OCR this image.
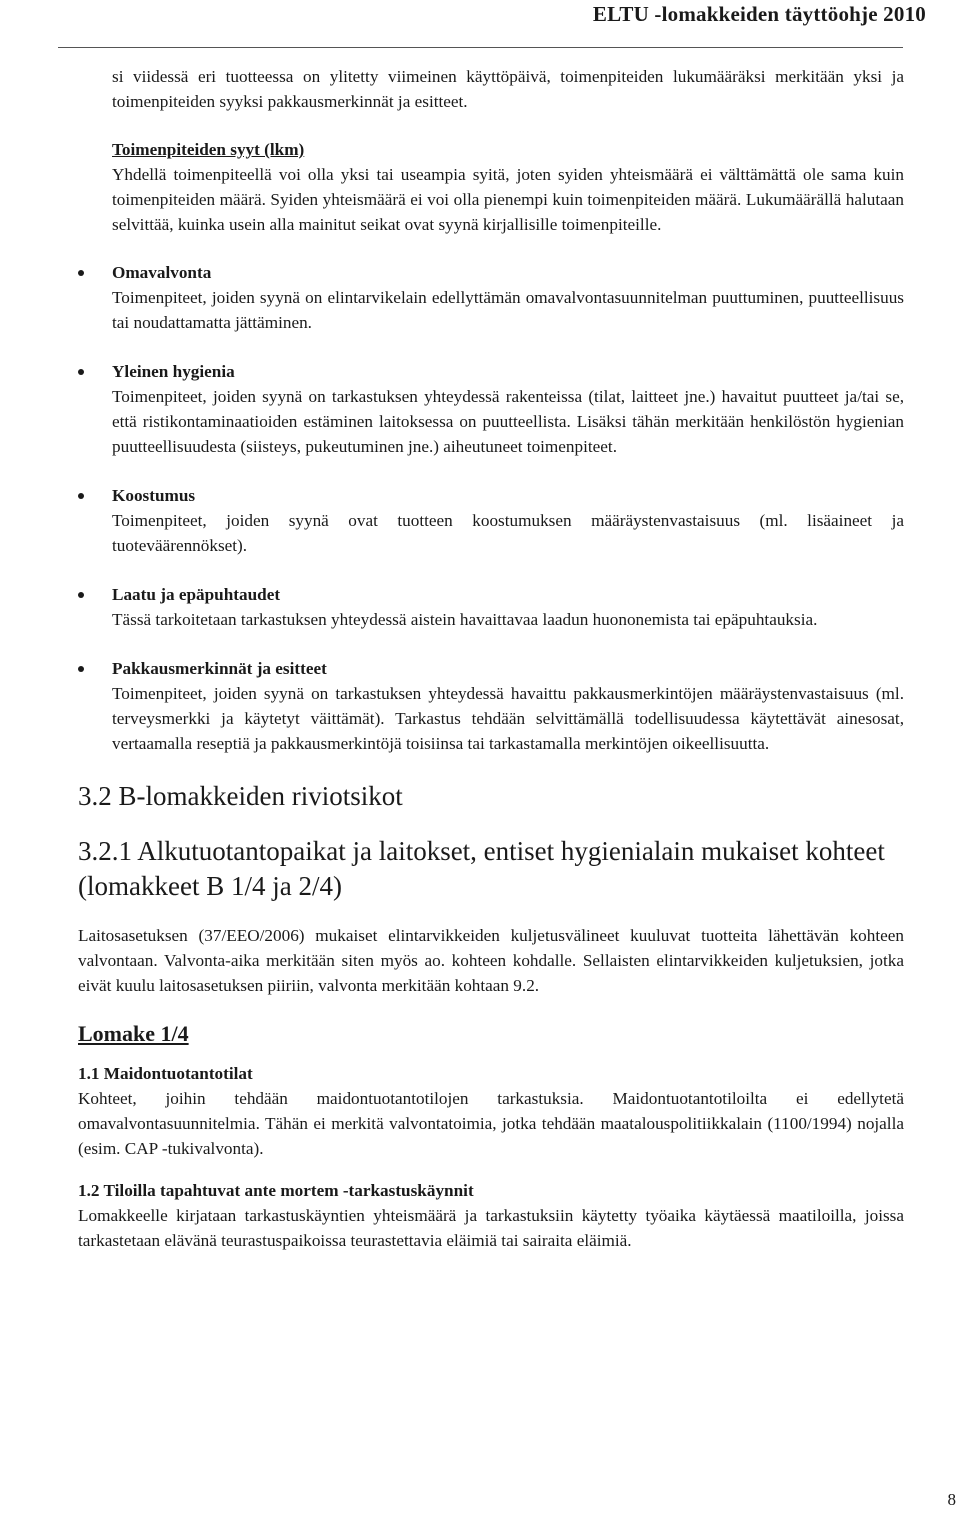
ELTU -lomakkeiden täyttöohje 2010

si viidessä eri tuotteessa on ylitetty viimeinen käyttöpäivä, toimenpiteiden lukumääräksi merkitään yksi ja toimenpiteiden syyksi pakkausmerkinnät ja esitteet.

Toimenpiteiden syyt (lkm)

Yhdellä toimenpiteellä voi olla yksi tai useampia syitä, joten syiden yhteismäärä ei välttämättä ole sama kuin toimenpiteiden määrä. Syiden yhteismäärä ei voi olla pienempi kuin toimenpiteiden määrä. Lukumäärällä halutaan selvittää, kuinka usein alla mainitut seikat ovat syynä kirjallisille toimenpiteille.

Omavalvonta

Toimenpiteet, joiden syynä on elintarvikelain edellyttämän omavalvontasuunnitelman puuttuminen, puutteellisuus tai noudattamatta jättäminen.

Yleinen hygienia

Toimenpiteet, joiden syynä on tarkastuksen yhteydessä rakenteissa (tilat, laitteet jne.) havaitut puutteet ja/tai se, että ristikontaminaatioiden estäminen laitoksessa on puutteellista. Lisäksi tähän merkitään henkilöstön hygienian puutteellisuudesta (siisteys, pukeutuminen jne.) aiheutuneet toimenpiteet.

Koostumus

Toimenpiteet, joiden syynä ovat tuotteen koostumuksen määräystenvastaisuus (ml. lisäaineet ja tuoteväärennökset).

Laatu ja epäpuhtaudet

Tässä tarkoitetaan tarkastuksen yhteydessä aistein havaittavaa laadun huononemista tai epäpuhtauksia.

Pakkausmerkinnät ja esitteet

Toimenpiteet, joiden syynä on tarkastuksen yhteydessä havaittu pakkausmerkintöjen määräystenvastaisuus (ml. terveysmerkki ja käytetyt väittämät). Tarkastus tehdään selvittämällä todellisuudessa käytettävät ainesosat, vertaamalla reseptiä ja pakkausmerkintöjä toisiinsa tai tarkastamalla merkintöjen oikeellisuutta.

3.2 B-lomakkeiden riviotsikot
3.2.1 Alkutuotantopaikat ja laitokset, entiset hygienialain mukaiset kohteet (lomakkeet B 1/4 ja 2/4)

Laitosasetuksen (37/EEO/2006) mukaiset elintarvikkeiden kuljetusvälineet kuuluvat tuotteita lähettävän kohteen valvontaan. Valvonta-aika merkitään siten myös ao. kohteen kohdalle. Sellaisten elintarvikkeiden kuljetuksien, jotka eivät kuulu laitosasetuksen piiriin, valvonta merkitään kohtaan 9.2.

Lomake 1/4
1.1 Maidontuotantotilat

Kohteet, joihin tehdään maidontuotantotilojen tarkastuksia. Maidontuotantotiloilta ei edellytetä omavalvontasuunnitelmia. Tähän ei merkitä valvontatoimia, jotka tehdään maatalouspolitiikkalain (1100/1994) nojalla (esim. CAP -tukivalvonta).

1.2 Tiloilla tapahtuvat ante mortem -tarkastuskäynnit

Lomakkeelle kirjataan tarkastuskäyntien yhteismäärä ja tarkastuksiin käytetty työaika käytäessä maatiloilla, joissa tarkastetaan elävänä teurastuspaikoissa teurastettavia eläimiä tai sairaita eläimiä.

8
